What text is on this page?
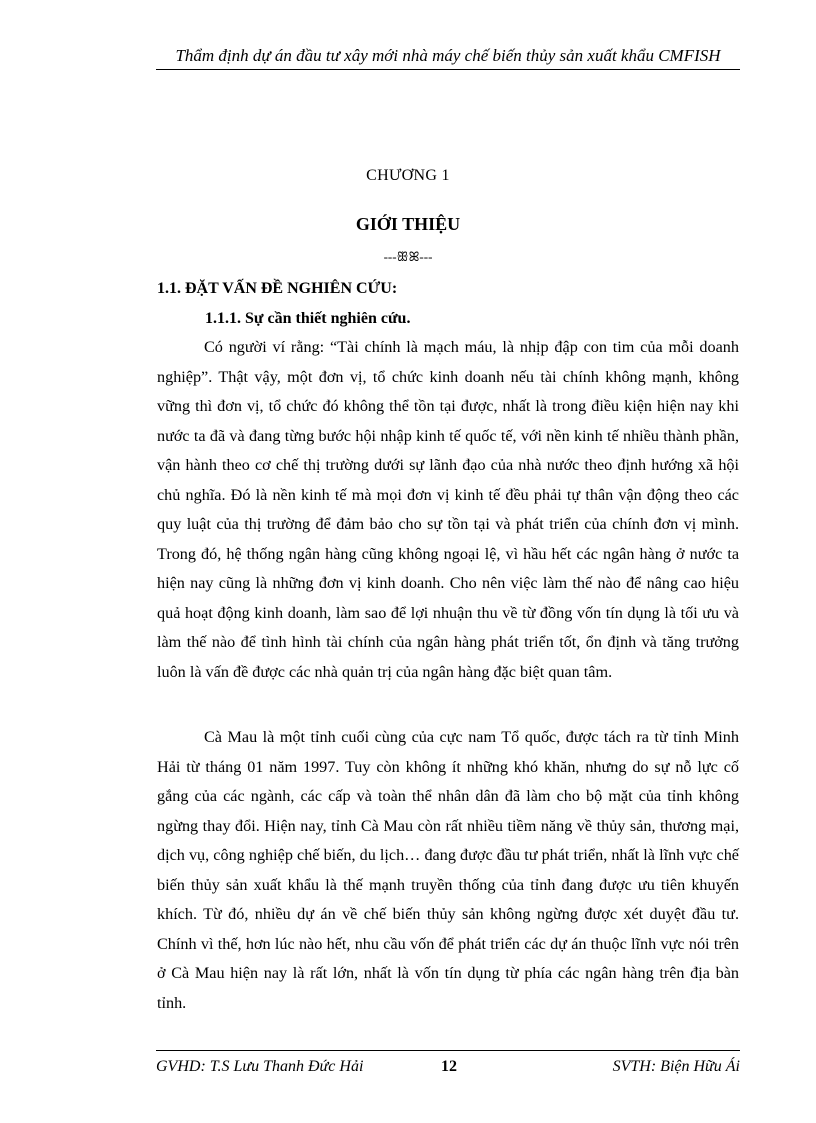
Thẩm định dự án đầu tư xây mới nhà máy chế biến thủy sản xuất khẩu CMFISH
CHƯƠNG 1
GIỚI THIỆU
---ꕥꕤ---
1.1. ĐẶT VẤN ĐỀ NGHIÊN CỨU:
1.1.1. Sự cần thiết nghiên cứu.

Có người ví rằng: “Tài chính là mạch máu, là nhịp đập con tim của mỗi doanh nghiệp”. Thật vậy, một đơn vị, tổ chức kinh doanh nếu tài chính không mạnh, không vững thì đơn vị, tổ chức đó không thể tồn tại được, nhất là trong điều kiện hiện nay khi nước ta đã và đang từng bước hội nhập kinh tế quốc tế, với nền kinh tế nhiều thành phần, vận hành theo cơ chế thị trường dưới sự lãnh đạo của nhà nước theo định hướng xã hội chủ nghĩa. Đó là nền kinh tế mà mọi đơn vị kinh tế đều phải tự thân vận động theo các quy luật của thị trường để đảm bảo cho sự tồn tại và phát triển của chính đơn vị mình. Trong đó, hệ thống ngân hàng cũng không ngoại lệ, vì hầu hết các ngân hàng ở nước ta hiện nay cũng là những đơn vị kinh doanh. Cho nên việc làm thế nào để nâng cao hiệu quả hoạt động kinh doanh, làm sao để lợi nhuận thu về từ đồng vốn tín dụng là tối ưu và làm thế nào để tình hình tài chính của ngân hàng phát triển tốt, ổn định và tăng trưởng luôn là vấn đề được các nhà quản trị của ngân hàng đặc biệt quan tâm.

Cà Mau là một tỉnh cuối cùng của cực nam Tổ quốc, được tách ra từ tỉnh Minh Hải từ tháng 01 năm 1997. Tuy còn không ít những khó khăn, nhưng do sự nỗ lực cố gắng của các ngành, các cấp và toàn thể nhân dân đã làm cho bộ mặt của tỉnh không ngừng thay đổi. Hiện nay, tỉnh Cà Mau còn rất nhiều tiềm năng về thủy sản, thương mại, dịch vụ, công nghiệp chế biến, du lịch… đang được đầu tư phát triển, nhất là lĩnh vực chế biến thủy sản xuất khẩu là thế mạnh truyền thống của tỉnh đang được ưu tiên khuyến khích. Từ đó, nhiều dự án về chế biến thủy sản không ngừng được xét duyệt đầu tư. Chính vì thế, hơn lúc nào hết, nhu cầu vốn để phát triển các dự án thuộc lĩnh vực nói trên ở Cà Mau hiện nay là rất lớn, nhất là vốn tín dụng từ phía các ngân hàng trên địa bàn tỉnh.

GVHD: T.S Lưu Thanh Đức Hải	12	SVTH: Biện Hữu Ái
